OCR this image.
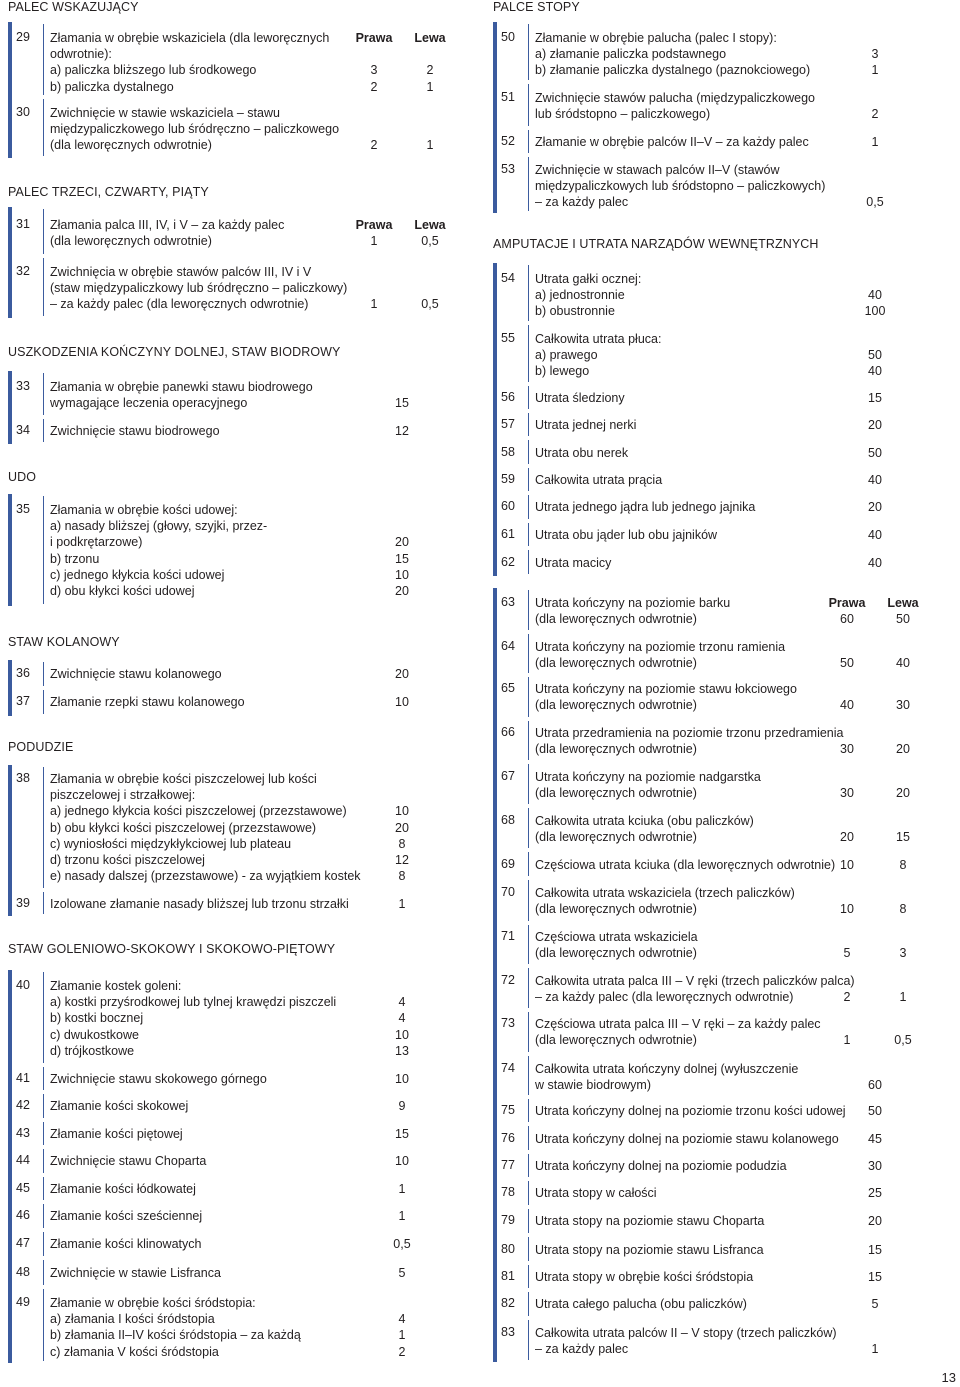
PALEC WSKAZUJĄCY
29	Złamania w obrębie wskaziciela (dla leworęcznych	Prawa	Lewa
odwrotnie):
a) paliczka bliższego lub środkowego	3	2
b) paliczka dystalnego	2	1
30	Zwichnięcie w stawie wskaziciela – stawu
międzypaliczkowego lub śródręczno – paliczkowego
(dla leworęcznych odwrotnie)	2	1
PALEC TRZECI, CZWARTY, PIĄTY
31	Złamania palca III, IV, i V – za każdy palec	Prawa	Lewa
(dla leworęcznych odwrotnie)	1	0,5
32	Zwichnięcia w obrębie stawów palców III, IV i V
(staw międzypaliczkowy lub śródręczno – paliczkowy)
– za każdy palec (dla leworęcznych odwrotnie)	1	0,5
USZKODZENIA KOŃCZYNY DOLNEJ, STAW BIODROWY
33	Złamania w obrębie panewki stawu biodrowego
wymagające leczenia operacyjnego	15
34	Zwichnięcie stawu biodrowego	12
UDO
35	Złamania w obrębie kości udowej:
a) nasady bliższej (głowy, szyjki, przez-
i podkrętarzowe)	20
b) trzonu	15
c) jednego kłykcia kości udowej	10
d) obu kłykci kości udowej	20
STAW KOLANOWY
36	Zwichnięcie stawu kolanowego	20
37	Złamanie rzepki stawu kolanowego	10
PODUDZIE
38	Złamania w obrębie kości piszczelowej lub kości
piszczelowej i strzałkowej:
a) jednego kłykcia kości piszczelowej (przezstawowe)	10
b) obu kłykci kości piszczelowej (przezstawowe)	20
c) wyniosłości międzykłykciowej lub plateau	8
d) trzonu kości piszczelowej	12
e) nasady dalszej (przezstawowe) - za wyjątkiem kostek	8
39	Izolowane złamanie nasady bliższej lub trzonu strzałki	1
STAW GOLENIOWO-SKOKOWY I SKOKOWO-PIĘTOWY
40	Złamanie kostek goleni:
a) kostki przyśrodkowej lub tylnej krawędzi piszczeli	4
b) kostki bocznej	4
c) dwukostkowe	10
d) trójkostkowe	13
41	Zwichnięcie stawu skokowego górnego	10
42	Złamanie kości skokowej	9
43	Złamanie kości piętowej	15
44	Zwichnięcie stawu Choparta	10
45	Złamanie kości łódkowatej	1
46	Złamanie kości sześciennej	1
47	Złamanie kości klinowatych	0,5
48	Zwichnięcie w stawie Lisfranca	5
49	Złamanie w obrębie kości śródstopia:
a) złamania I kości śródstopia	4
b) złamania II–IV kości śródstopia – za każdą	1
c) złamania V kości śródstopia	2
PALCE STOPY
50	Złamanie w obrębie palucha (palec I stopy):
a) złamanie paliczka podstawnego	3
b) złamanie paliczka dystalnego (paznokciowego)	1
51	Zwichnięcie stawów palucha (międzypaliczkowego
lub śródstopno – paliczkowego)	2
52	Złamanie w obrębie palców II–V – za każdy palec	1
53	Zwichnięcie w stawach palców II–V (stawów
międzypaliczkowych lub śródstopno – paliczkowych)
– za każdy palec	0,5
AMPUTACJE I UTRATA NARZĄDÓW WEWNĘTRZNYCH
54	Utrata gałki ocznej:
a) jednostronnie	40
b) obustronnie	100
55	Całkowita utrata płuca:
a) prawego	50
b) lewego	40
56	Utrata śledziony	15
57	Utrata jednej nerki	20
58	Utrata obu nerek	50
59	Całkowita utrata prącia	40
60	Utrata jednego jądra lub jednego jajnika	20
61	Utrata obu jąder lub obu jajników	40
62	Utrata macicy	40
63	Utrata kończyny na poziomie barku	Prawa	Lewa
(dla leworęcznych odwrotnie)	60	50
64	Utrata kończyny na poziomie trzonu ramienia
(dla leworęcznych odwrotnie)	50	40
65	Utrata kończyny na poziomie stawu łokciowego
(dla leworęcznych odwrotnie)	40	30
66	Utrata przedramienia na poziomie trzonu przedramienia
(dla leworęcznych odwrotnie)	30	20
67	Utrata kończyny na poziomie nadgarstka
(dla leworęcznych odwrotnie)	30	20
68	Całkowita utrata kciuka (obu paliczków)
(dla leworęcznych odwrotnie)	20	15
69	Częściowa utrata kciuka (dla leworęcznych odwrotnie) 10	8
70	Całkowita utrata wskaziciela (trzech paliczków)
(dla leworęcznych odwrotnie)	10	8
71	Częściowa utrata wskaziciela
(dla leworęcznych odwrotnie)	5	3
72	Całkowita utrata palca III – V ręki (trzech paliczków palca)
– za każdy palec (dla leworęcznych odwrotnie)	2	1
73	Częściowa utrata palca III – V ręki – za każdy palec
(dla leworęcznych odwrotnie)	1	0,5
74	Całkowita utrata kończyny dolnej (wyłuszczenie
w stawie biodrowym)	60
75	Utrata kończyny dolnej na poziomie trzonu kości udowej	50
76	Utrata kończyny dolnej na poziomie stawu kolanowego	45
77	Utrata kończyny dolnej na poziomie podudzia	30
78	Utrata stopy w całości	25
79	Utrata stopy na poziomie stawu Choparta	20
80	Utrata stopy na poziomie stawu Lisfranca	15
81	Utrata stopy w obrębie kości śródstopia	15
82	Utrata całego palucha (obu paliczków)	5
83	Całkowita utrata palców II – V stopy (trzech paliczków)
– za każdy palec	1
13
